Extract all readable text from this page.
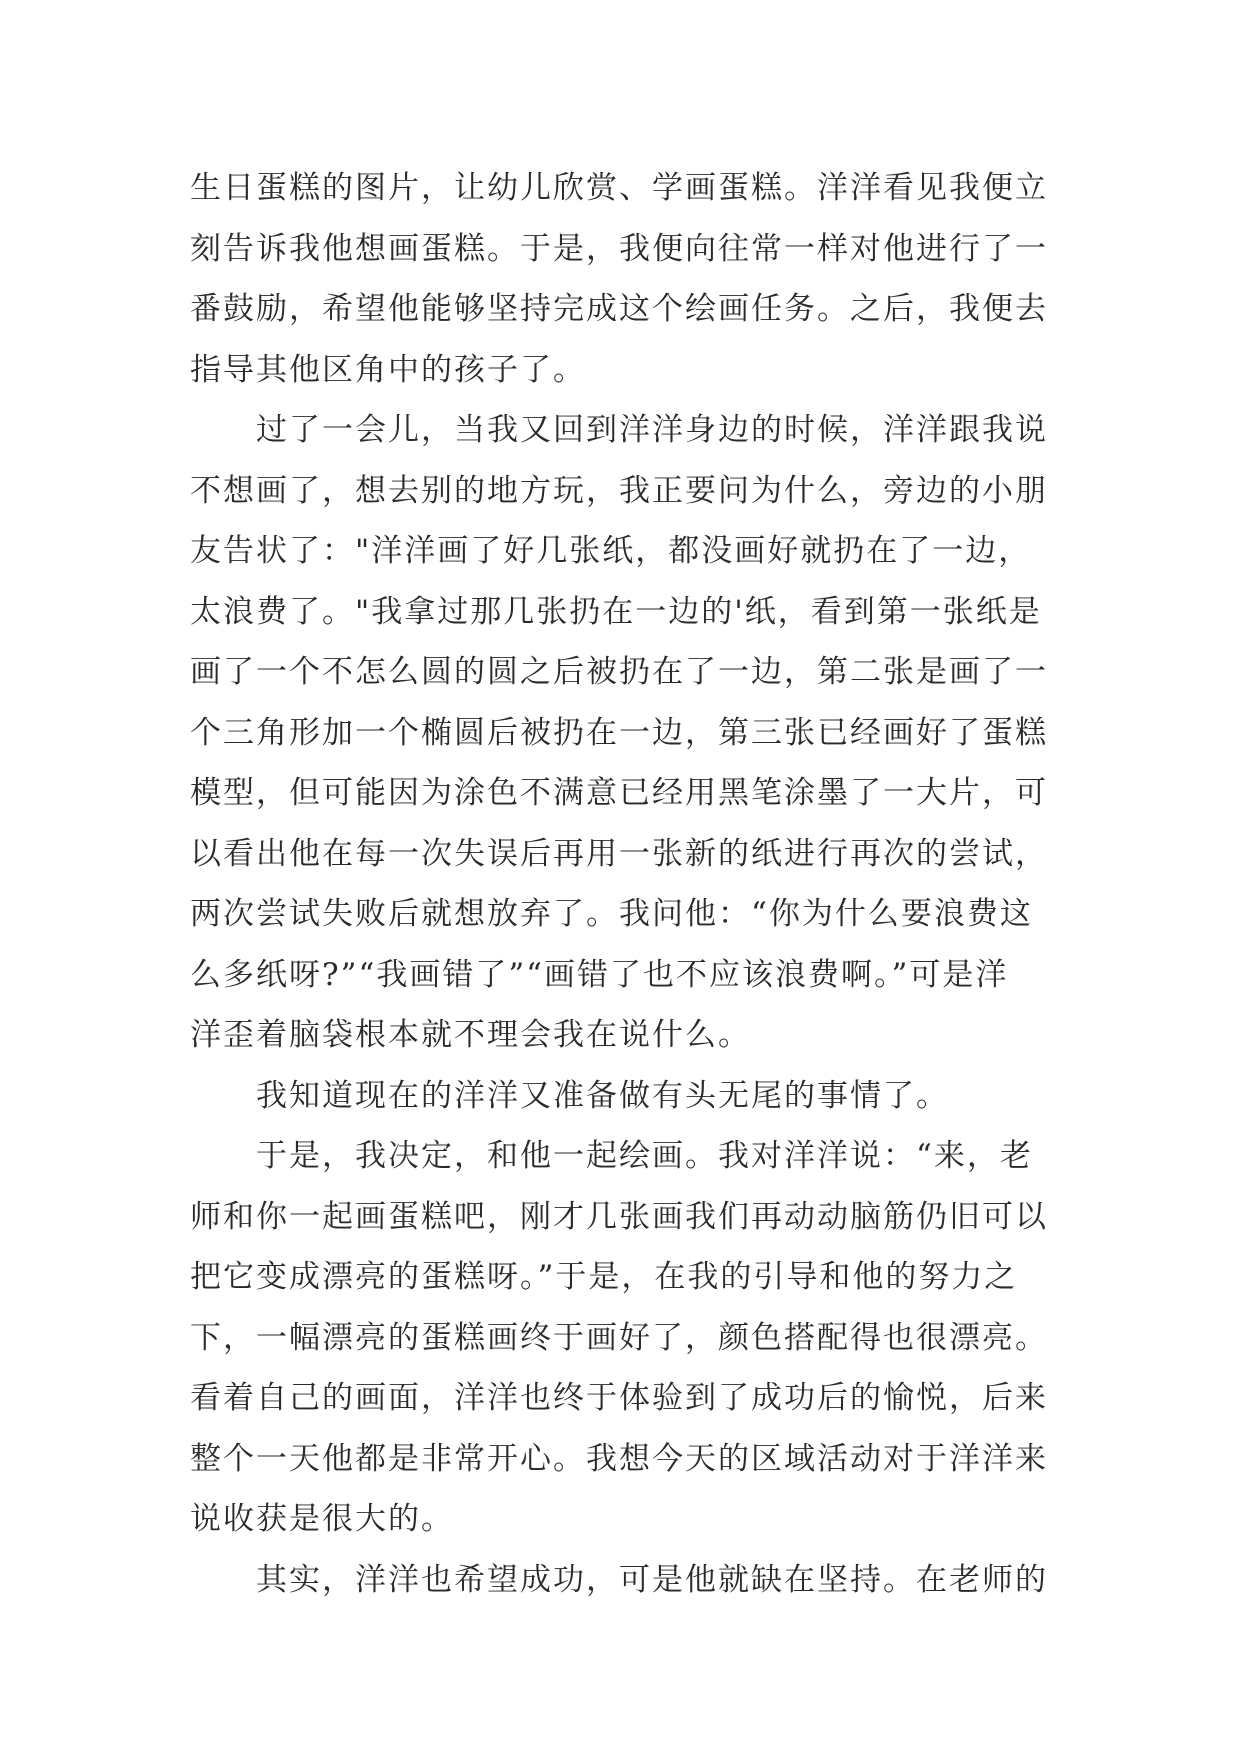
生日蛋糕的图片，让幼儿欣赏、学画蛋糕。洋洋看见我便立
刻告诉我他想画蛋糕。于是，我便向往常一样对他进行了一
番鼓励，希望他能够坚持完成这个绘画任务。之后，我便去
指导其他区角中的孩子了。
过了一会儿，当我又回到洋洋身边的时候，洋洋跟我说
不想画了，想去别的地方玩，我正要问为什么，旁边的小朋
友告状了："洋洋画了好几张纸，都没画好就扔在了一边，
太浪费了。"我拿过那几张扔在一边的'纸，看到第一张纸是
画了一个不怎么圆的圆之后被扔在了一边，第二张是画了一
个三角形加一个椭圆后被扔在一边，第三张已经画好了蛋糕
模型，但可能因为涂色不满意已经用黑笔涂墨了一大片，可
以看出他在每一次失误后再用一张新的纸进行再次的尝试，
两次尝试失败后就想放弃了。我问他：“你为什么要浪费这
么多纸呀?”“我画错了”“画错了也不应该浪费啊。”可是洋
洋歪着脑袋根本就不理会我在说什么。
我知道现在的洋洋又准备做有头无尾的事情了。
于是，我决定，和他一起绘画。我对洋洋说：“来，老
师和你一起画蛋糕吧，刚才几张画我们再动动脑筋仍旧可以
把它变成漂亮的蛋糕呀。”于是，在我的引导和他的努力之
下，一幅漂亮的蛋糕画终于画好了，颜色搭配得也很漂亮。
看着自己的画面，洋洋也终于体验到了成功后的愉悦，后来
整个一天他都是非常开心。我想今天的区域活动对于洋洋来
说收获是很大的。
其实，洋洋也希望成功，可是他就缺在坚持。在老师的
